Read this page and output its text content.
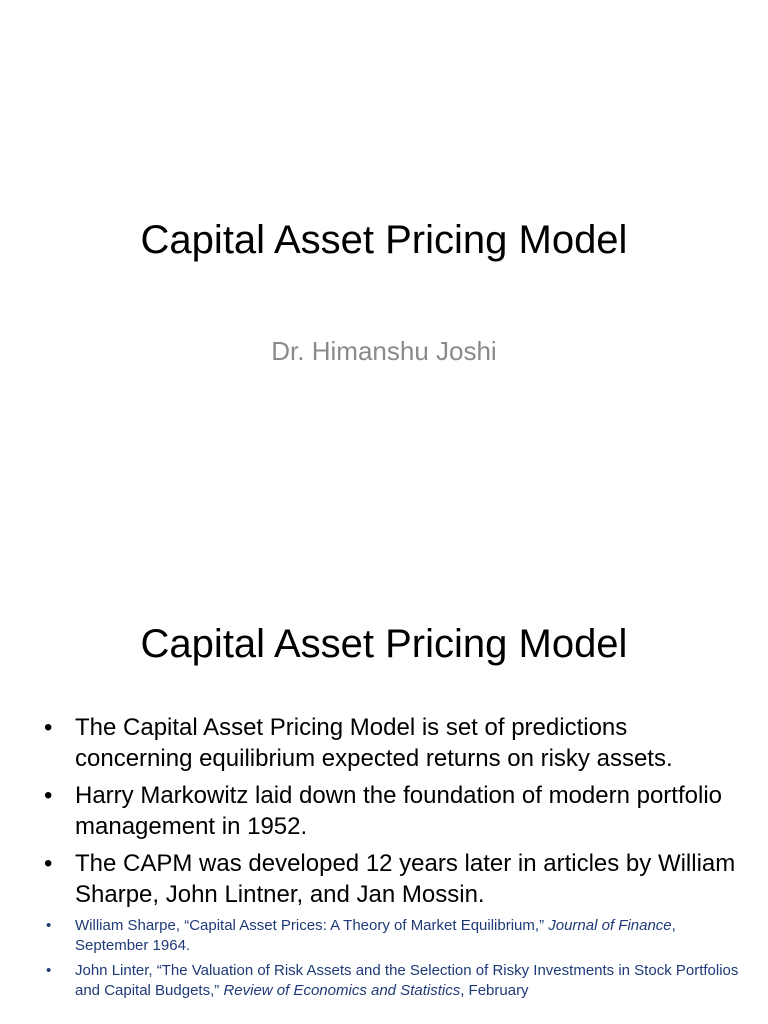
Capital Asset Pricing Model
Dr. Himanshu Joshi
Capital Asset Pricing Model
• The Capital Asset Pricing Model is set of predictions concerning equilibrium expected returns on risky assets.
• Harry Markowitz laid down the foundation of modern portfolio management in 1952.
• The CAPM was developed 12 years later in articles by William Sharpe, John Lintner, and Jan Mossin.
• William Sharpe, “Capital Asset Prices: A Theory of Market Equilibrium,” Journal of Finance, September 1964.
• John Linter, “The Valuation of Risk Assets and the Selection of Risky Investments in Stock Portfolios and Capital Budgets,” Review of Economics and Statistics, February
